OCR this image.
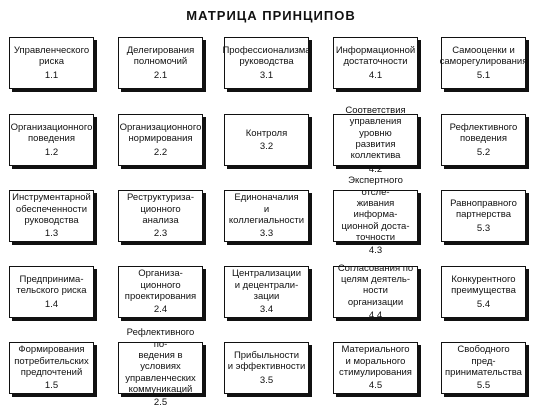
МАТРИЦА ПРИНЦИПОВ
Управленческого
риска
1.1
Делегирования
полномочий
2.1
Профессионализма
руководства
3.1
Информационной
достаточности
4.1
Самооценки и
саморегулирования
5.1
Организационного
поведения
1.2
Организационного
нормирования
2.2
Контроля
3.2
Соответствия
управления уровню
развития
коллектива
4.2
Рефлективного
поведения
5.2
Инструментарной
обеспеченности
руководства
1.3
Реструктуриза-
ционного
анализа
2.3
Единоначалия
и коллегиальности
3.3
Экспертного отсле-
живания информа-
ционной доста-
точности
4.3
Равноправного
партнерства
5.3
Предпринима-
тельского риска
1.4
Организа-
ционного
проектирования
2.4
Централизации
и децентрали-
зации
3.4
Согласования по
целям деятель-
ности организации
4.4
Конкурентного
преимущества
5.4
Формирования
потребительских
предпочтений
1.5
Рефлективного по-
ведения в условиях
управленческих
коммуникаций
2.5
Прибыльности
и эффективности
3.5
Материального
и морального
стимулирования
4.5
Свободного пред-
принимательства
5.5
